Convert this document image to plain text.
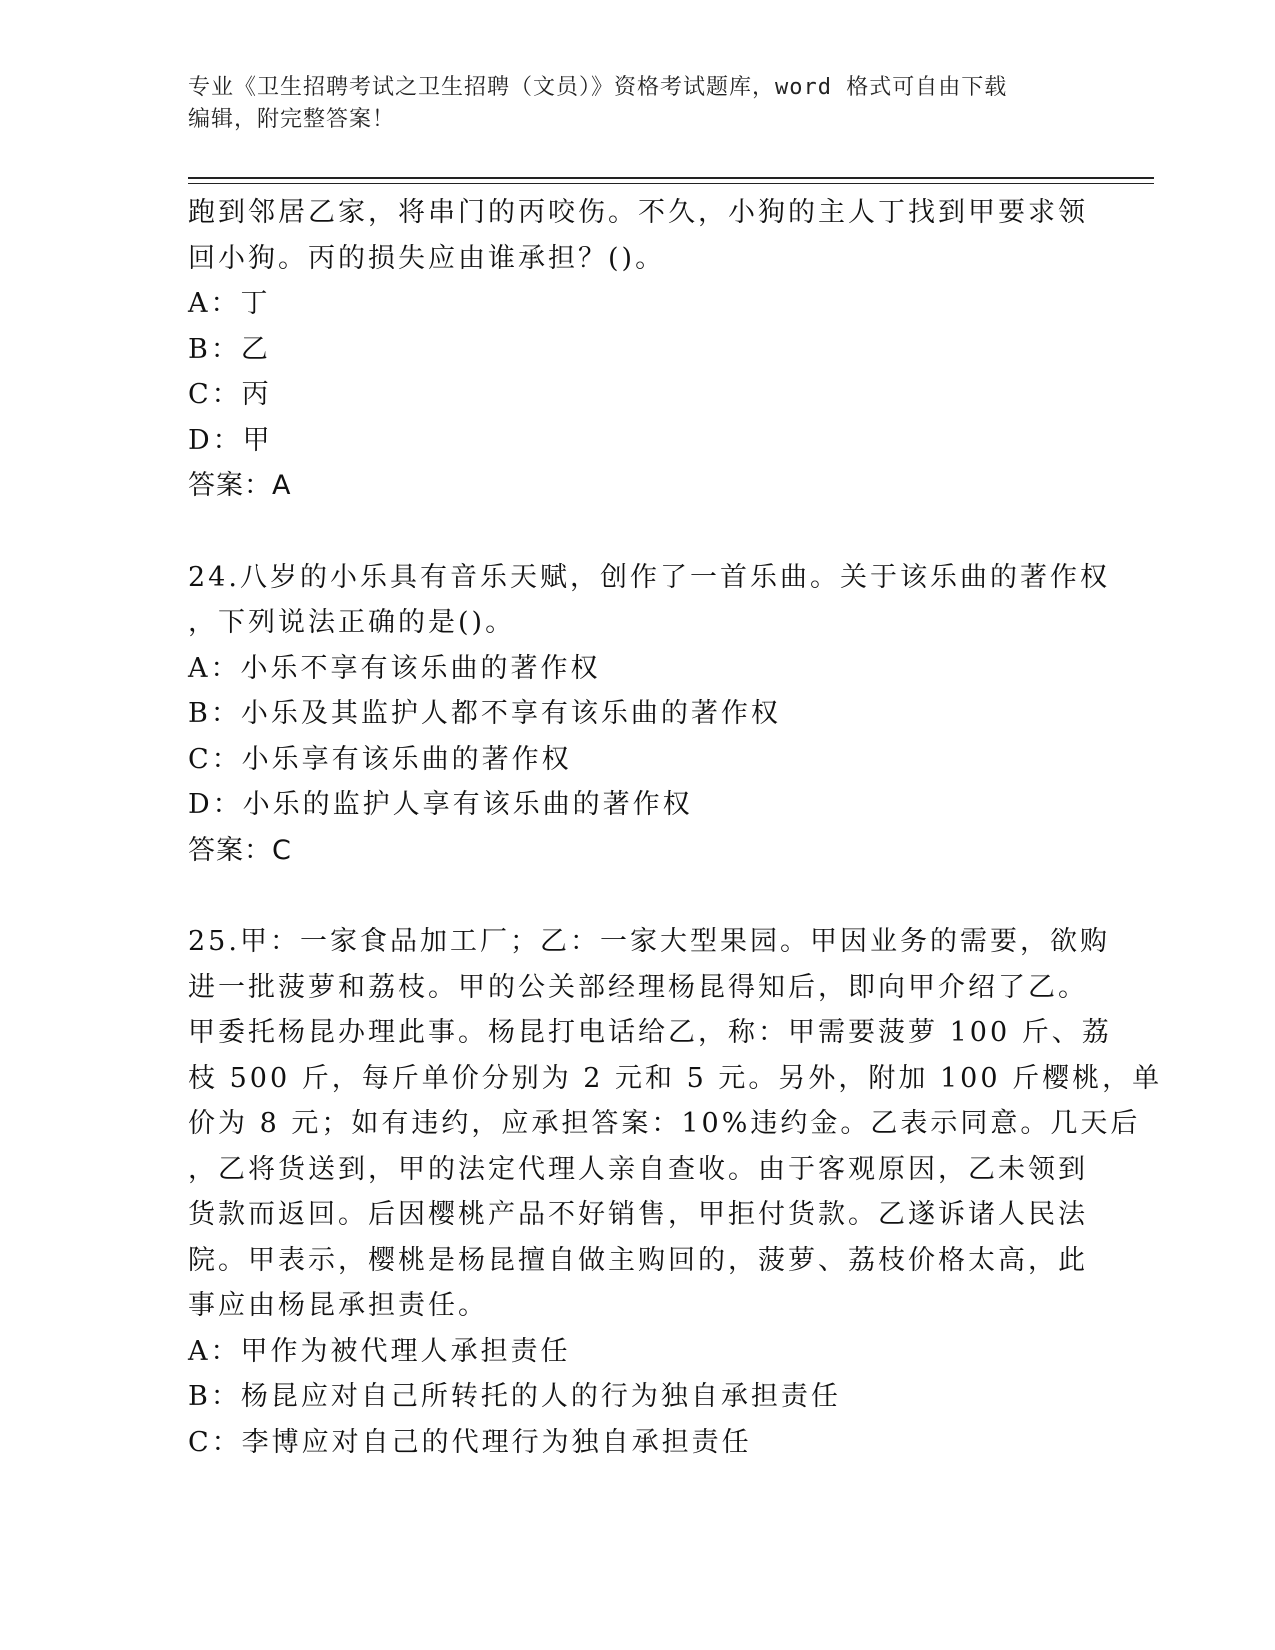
专业《卫生招聘考试之卫生招聘（文员）》资格考试题库，word 格式可自由下载
编辑，附完整答案！
跑到邻居乙家，将串门的丙咬伤。不久，小狗的主人丁找到甲要求领
回小狗。丙的损失应由谁承担？()。
A：丁
B：乙
C：丙
D：甲
答案：A
24.八岁的小乐具有音乐天赋，创作了一首乐曲。关于该乐曲的著作权
，下列说法正确的是()。
A：小乐不享有该乐曲的著作权
B：小乐及其监护人都不享有该乐曲的著作权
C：小乐享有该乐曲的著作权
D：小乐的监护人享有该乐曲的著作权
答案：C
25.甲：一家食品加工厂；乙：一家大型果园。甲因业务的需要，欲购
进一批菠萝和荔枝。甲的公关部经理杨昆得知后，即向甲介绍了乙。
甲委托杨昆办理此事。杨昆打电话给乙，称：甲需要菠萝 100 斤、荔
枝 500 斤，每斤单价分别为 2 元和 5 元。另外，附加 100 斤樱桃，单
价为 8 元；如有违约，应承担答案：10%违约金。乙表示同意。几天后
，乙将货送到，甲的法定代理人亲自查收。由于客观原因，乙未领到
货款而返回。后因樱桃产品不好销售，甲拒付货款。乙遂诉诸人民法
院。甲表示，樱桃是杨昆擅自做主购回的，菠萝、荔枝价格太高，此
事应由杨昆承担责任。
A：甲作为被代理人承担责任
B：杨昆应对自己所转托的人的行为独自承担责任
C：李博应对自己的代理行为独自承担责任
